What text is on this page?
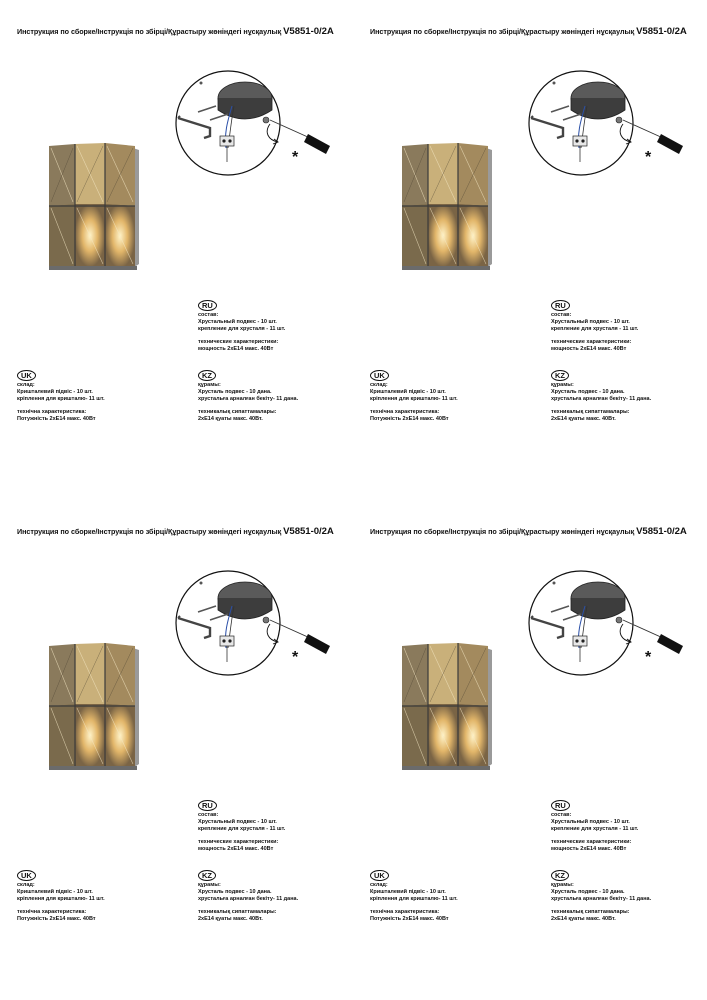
Инструкция по сборке/Інструкція по збірці/Құрастыру жөніндегі нұсқаулық V5851-0/2A
*
RU
состав:
Хрустальный подвес - 10 шт.
крепление для хрусталя - 11 шт.
технические характеристики:
мощность 2хЕ14 макс. 40Вт
KZ
құрамы:
Хрусталь подвес - 10 дана.
хрустальға арналған бекіту- 11 дана.
техникалық сипаттамалары:
2хЕ14 қуаты макс. 40Вт.
UK
склад:
Кришталевий підвіс - 10 шт.
кріплення для кришталю- 11 шт.
технічна характеристика:
Потужність 2хЕ14 макс. 40Вт
Инструкция по сборке/Інструкція по збірці/Құрастыру жөніндегі нұсқаулық V5851-0/2A
*
RU
состав:
Хрустальный подвес - 10 шт.
крепление для хрусталя - 11 шт.
технические характеристики:
мощность 2хЕ14 макс. 40Вт
KZ
құрамы:
Хрусталь подвес - 10 дана.
хрустальға арналған бекіту- 11 дана.
техникалық сипаттамалары:
2хЕ14 қуаты макс. 40Вт.
UK
склад:
Кришталевий підвіс - 10 шт.
кріплення для кришталю- 11 шт.
технічна характеристика:
Потужність 2хЕ14 макс. 40Вт
Инструкция по сборке/Інструкція по збірці/Құрастыру жөніндегі нұсқаулық V5851-0/2A
*
RU
состав:
Хрустальный подвес - 10 шт.
крепление для хрусталя - 11 шт.
технические характеристики:
мощность 2хЕ14 макс. 40Вт
KZ
құрамы:
Хрусталь подвес - 10 дана.
хрустальға арналған бекіту- 11 дана.
техникалық сипаттамалары:
2хЕ14 қуаты макс. 40Вт.
UK
склад:
Кришталевий підвіс - 10 шт.
кріплення для кришталю- 11 шт.
технічна характеристика:
Потужність 2хЕ14 макс. 40Вт
Инструкция по сборке/Інструкція по збірці/Құрастыру жөніндегі нұсқаулық V5851-0/2A
*
RU
состав:
Хрустальный подвес - 10 шт.
крепление для хрусталя - 11 шт.
технические характеристики:
мощность 2хЕ14 макс. 40Вт
KZ
құрамы:
Хрусталь подвес - 10 дана.
хрустальға арналған бекіту- 11 дана.
техникалық сипаттамалары:
2хЕ14 қуаты макс. 40Вт.
UK
склад:
Кришталевий підвіс - 10 шт.
кріплення для кришталю- 11 шт.
технічна характеристика:
Потужність 2хЕ14 макс. 40Вт
